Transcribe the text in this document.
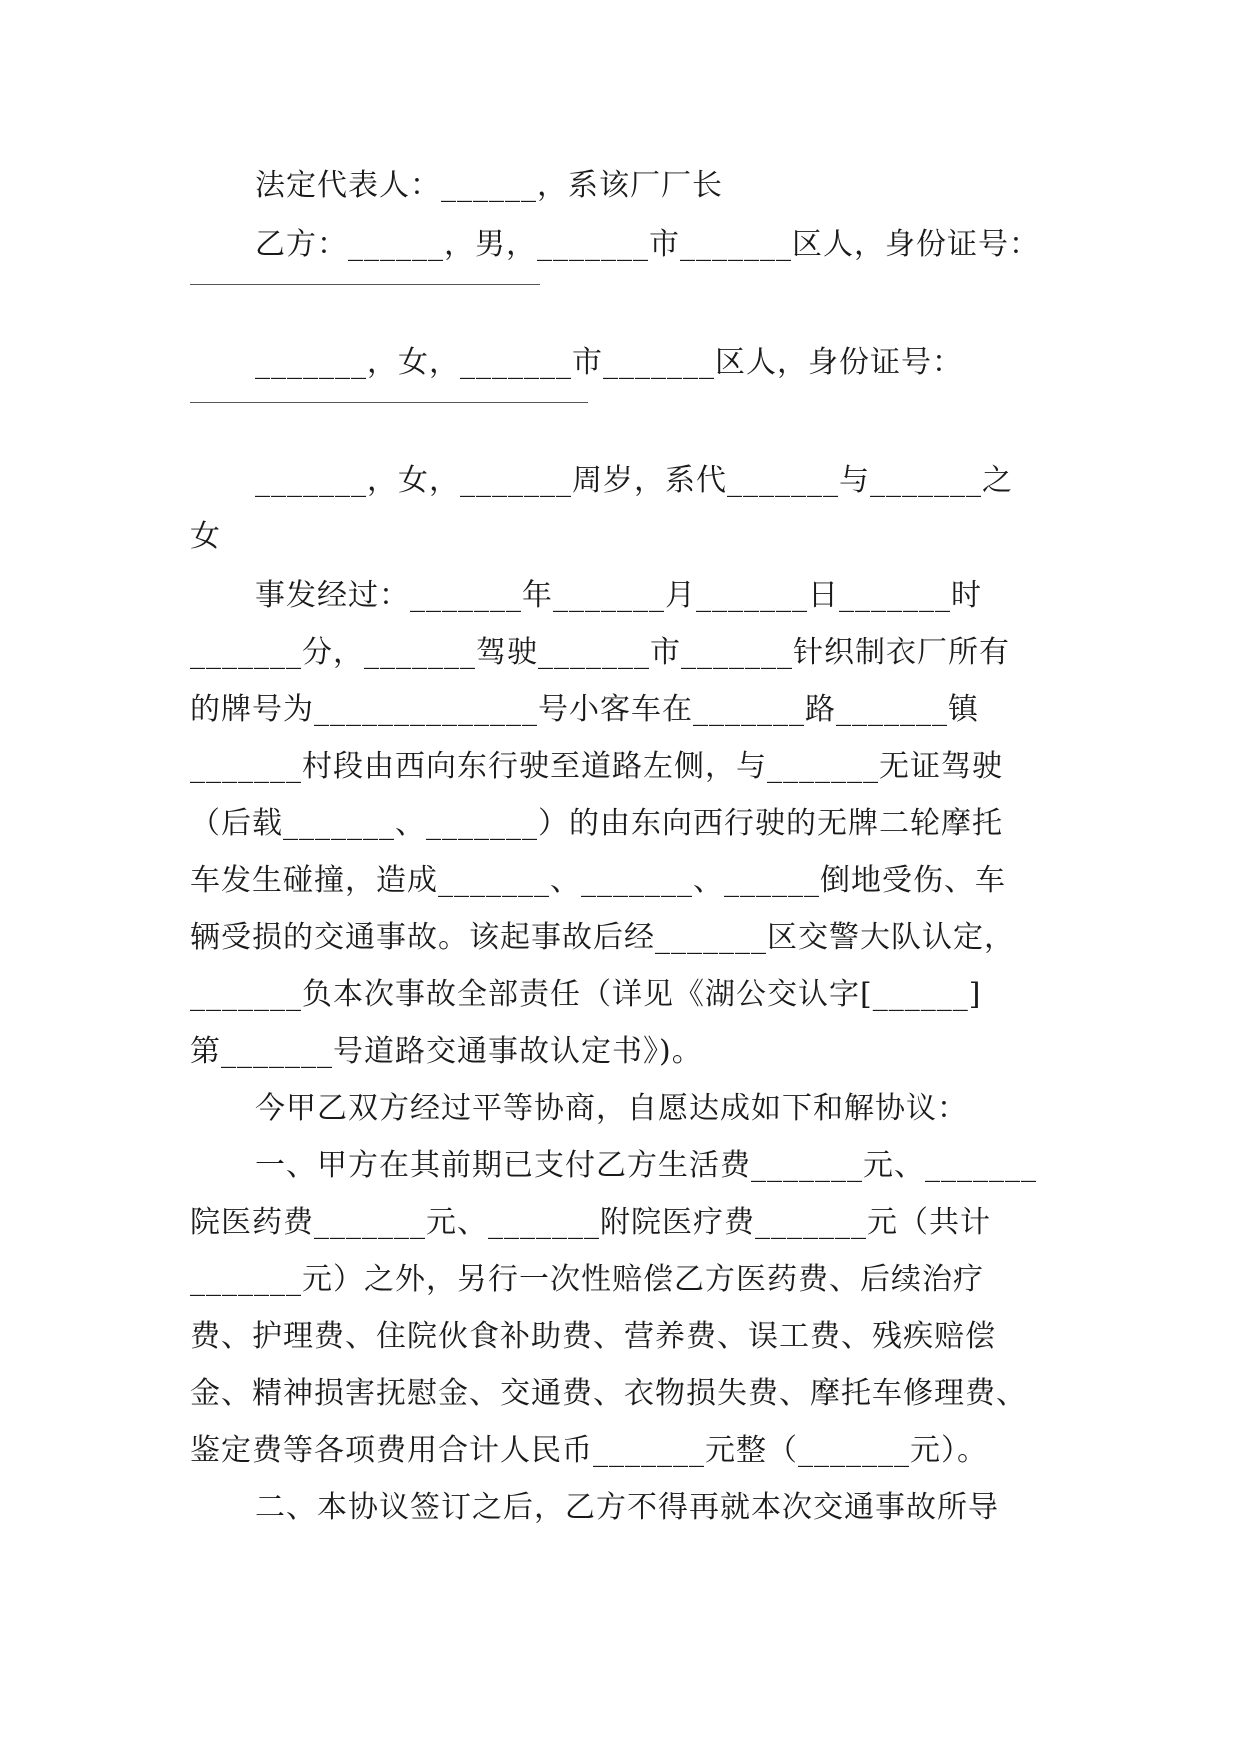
法定代表人：______，系该厂厂长
乙方：______，男，_______市_______区人，身份证号：
_______，女，_______市_______区人，身份证号：
_______，女，_______周岁，系代_______与_______之
女
事发经过：_______年_______月_______日_______时
_______分，_______驾驶_______市_______针织制衣厂所有
的牌号为______________号小客车在_______路_______镇
_______村段由西向东行驶至道路左侧，与_______无证驾驶
（后载_______、_______）的由东向西行驶的无牌二轮摩托
车发生碰撞，造成_______、_______、______倒地受伤、车
辆受损的交通事故。该起事故后经_______区交警大队认定，
_______负本次事故全部责任（详见《湖公交认字[______]
第_______号道路交通事故认定书》)。
今甲乙双方经过平等协商，自愿达成如下和解协议：
一、甲方在其前期已支付乙方生活费_______元、_______
院医药费_______元、_______附院医疗费_______元（共计
_______元）之外，另行一次性赔偿乙方医药费、后续治疗
费、护理费、住院伙食补助费、营养费、误工费、残疾赔偿
金、精神损害抚慰金、交通费、衣物损失费、摩托车修理费、
鉴定费等各项费用合计人民币_______元整（_______元）。
二、本协议签订之后，乙方不得再就本次交通事故所导
